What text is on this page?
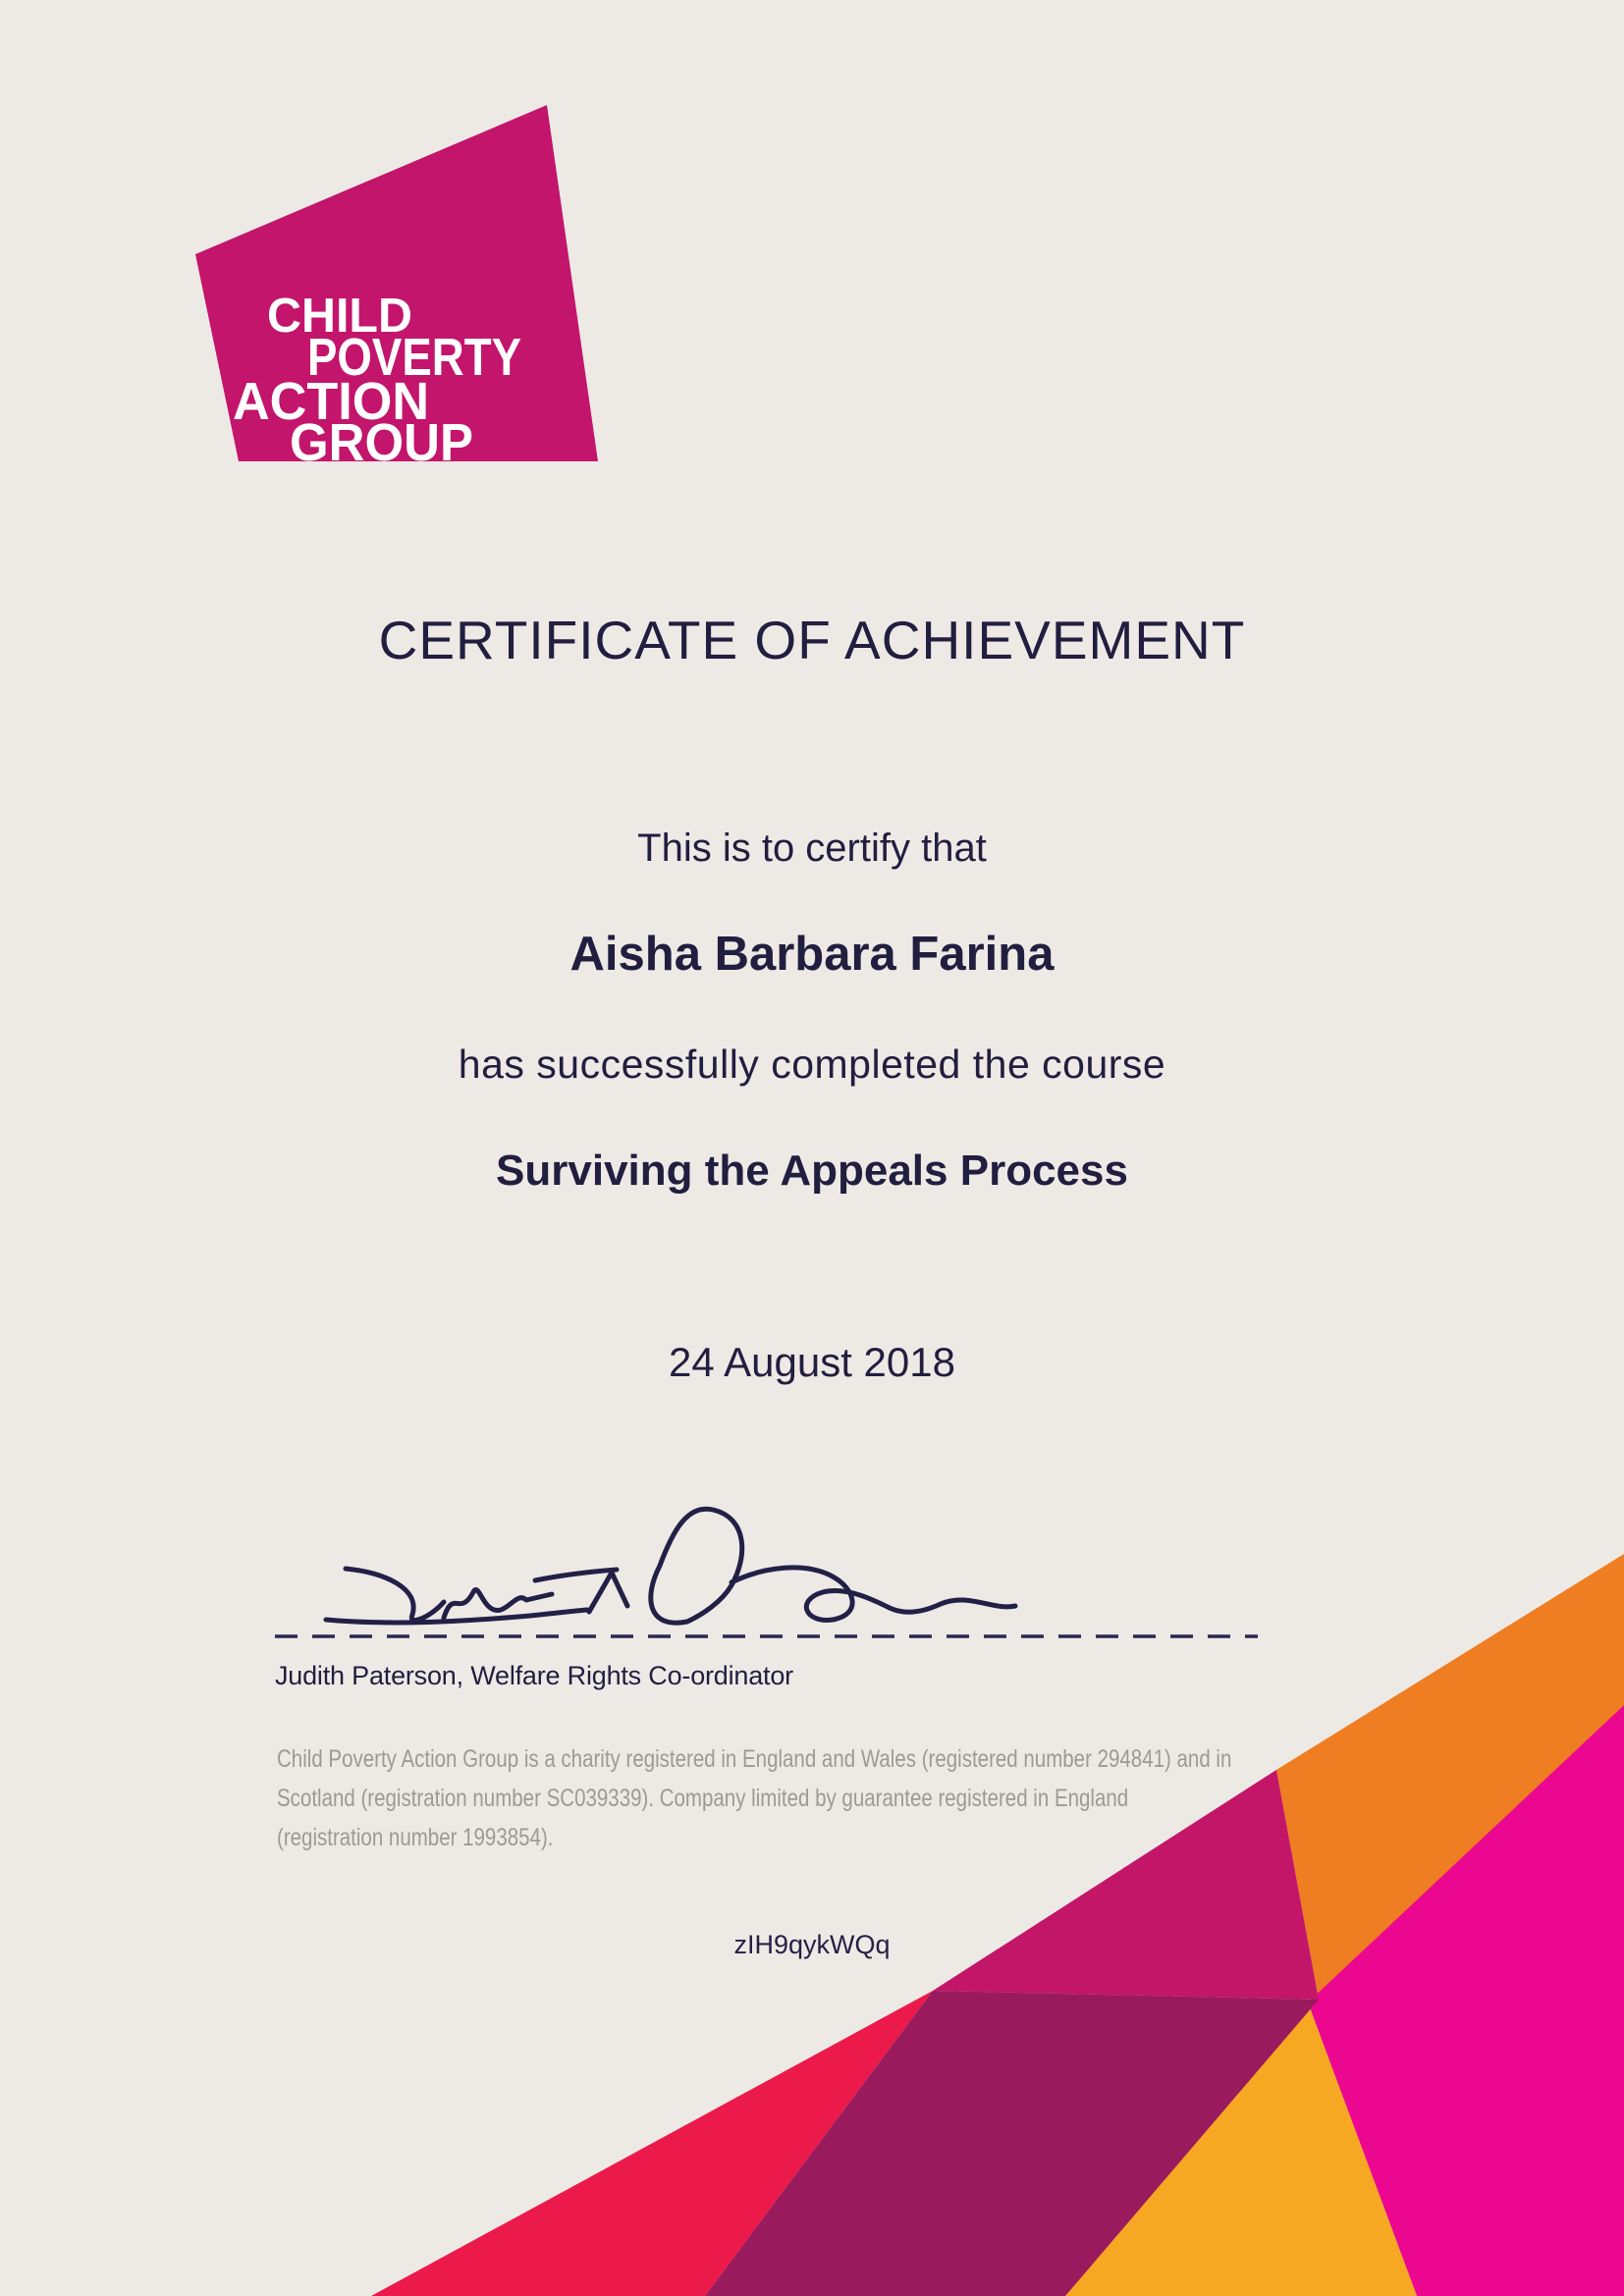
CHILD
POVERTY
ACTION
GROUP
CERTIFICATE OF ACHIEVEMENT
This is to certify that
Aisha Barbara Farina
has successfully completed the course
Surviving the Appeals Process
24 August 2018
Judith Paterson, Welfare Rights Co-ordinator
Child Poverty Action Group is a charity registered in England and Wales (registered number 294841) and in
Scotland (registration number SC039339). Company limited by guarantee registered in England
(registration number 1993854).
zIH9qykWQq
